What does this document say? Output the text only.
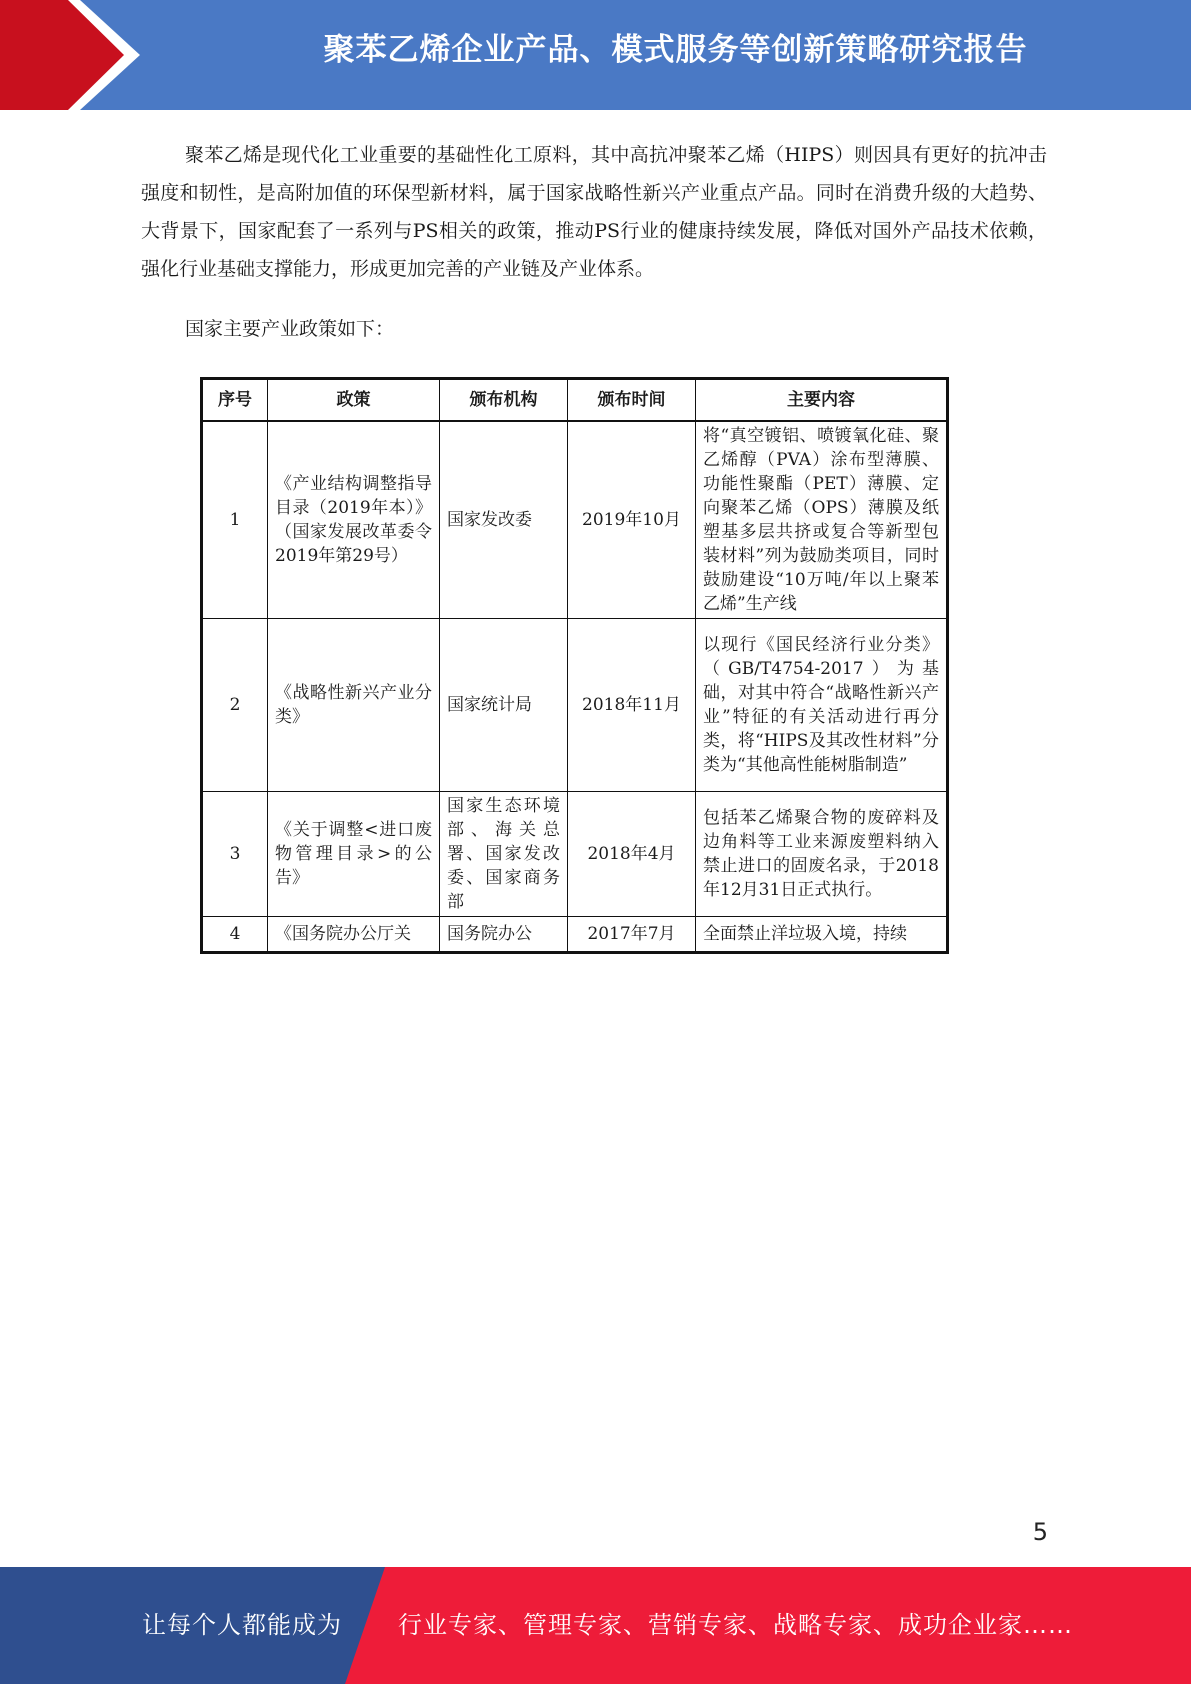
聚苯乙烯企业产品、模式服务等创新策略研究报告

聚苯乙烯是现代化工业重要的基础性化工原料，其中高抗冲聚苯乙烯（HIPS）则因具有更好的抗冲击强度和韧性，是高附加值的环保型新材料，属于国家战略性新兴产业重点产品。同时在消费升级的大趋势、大背景下，国家配套了一系列与PS相关的政策，推动PS行业的健康持续发展，降低对国外产品技术依赖，强化行业基础支撑能力，形成更加完善的产业链及产业体系。

国家主要产业政策如下：

序号	政策	颁布机构	颁布时间	主要内容
1	《产业结构调整指导目录（2019年本）》（国家发展改革委令2019年第29号）	国家发改委	2019年10月	将“真空镀铝、喷镀氧化硅、聚乙烯醇（PVA）涂布型薄膜、功能性聚酯（PET）薄膜、定向聚苯乙烯（OPS）薄膜及纸塑基多层共挤或复合等新型包装材料”列为鼓励类项目，同时鼓励建设“10万吨/年以上聚苯乙烯”生产线
2	《战略性新兴产业分类》	国家统计局	2018年11月	以现行《国民经济行业分类》（GB/T4754-2017）为基础，对其中符合“战略性新兴产业”特征的有关活动进行再分类，将“HIPS及其改性材料”分类为“其他高性能树脂制造”
3	《关于调整<进口废物管理目录>的公告》	国家生态环境部、海关总署、国家发改委、国家商务部	2018年4月	包括苯乙烯聚合物的废碎料及边角料等工业来源废塑料纳入禁止进口的固废名录，于2018年12月31日正式执行。

4	《国务院办公厅关	国务院办公	2017年7月	全面禁止洋垃圾入境，持续
5
让每个人都能成为 行业专家、管理专家、营销专家、战略专家、成功企业家……
